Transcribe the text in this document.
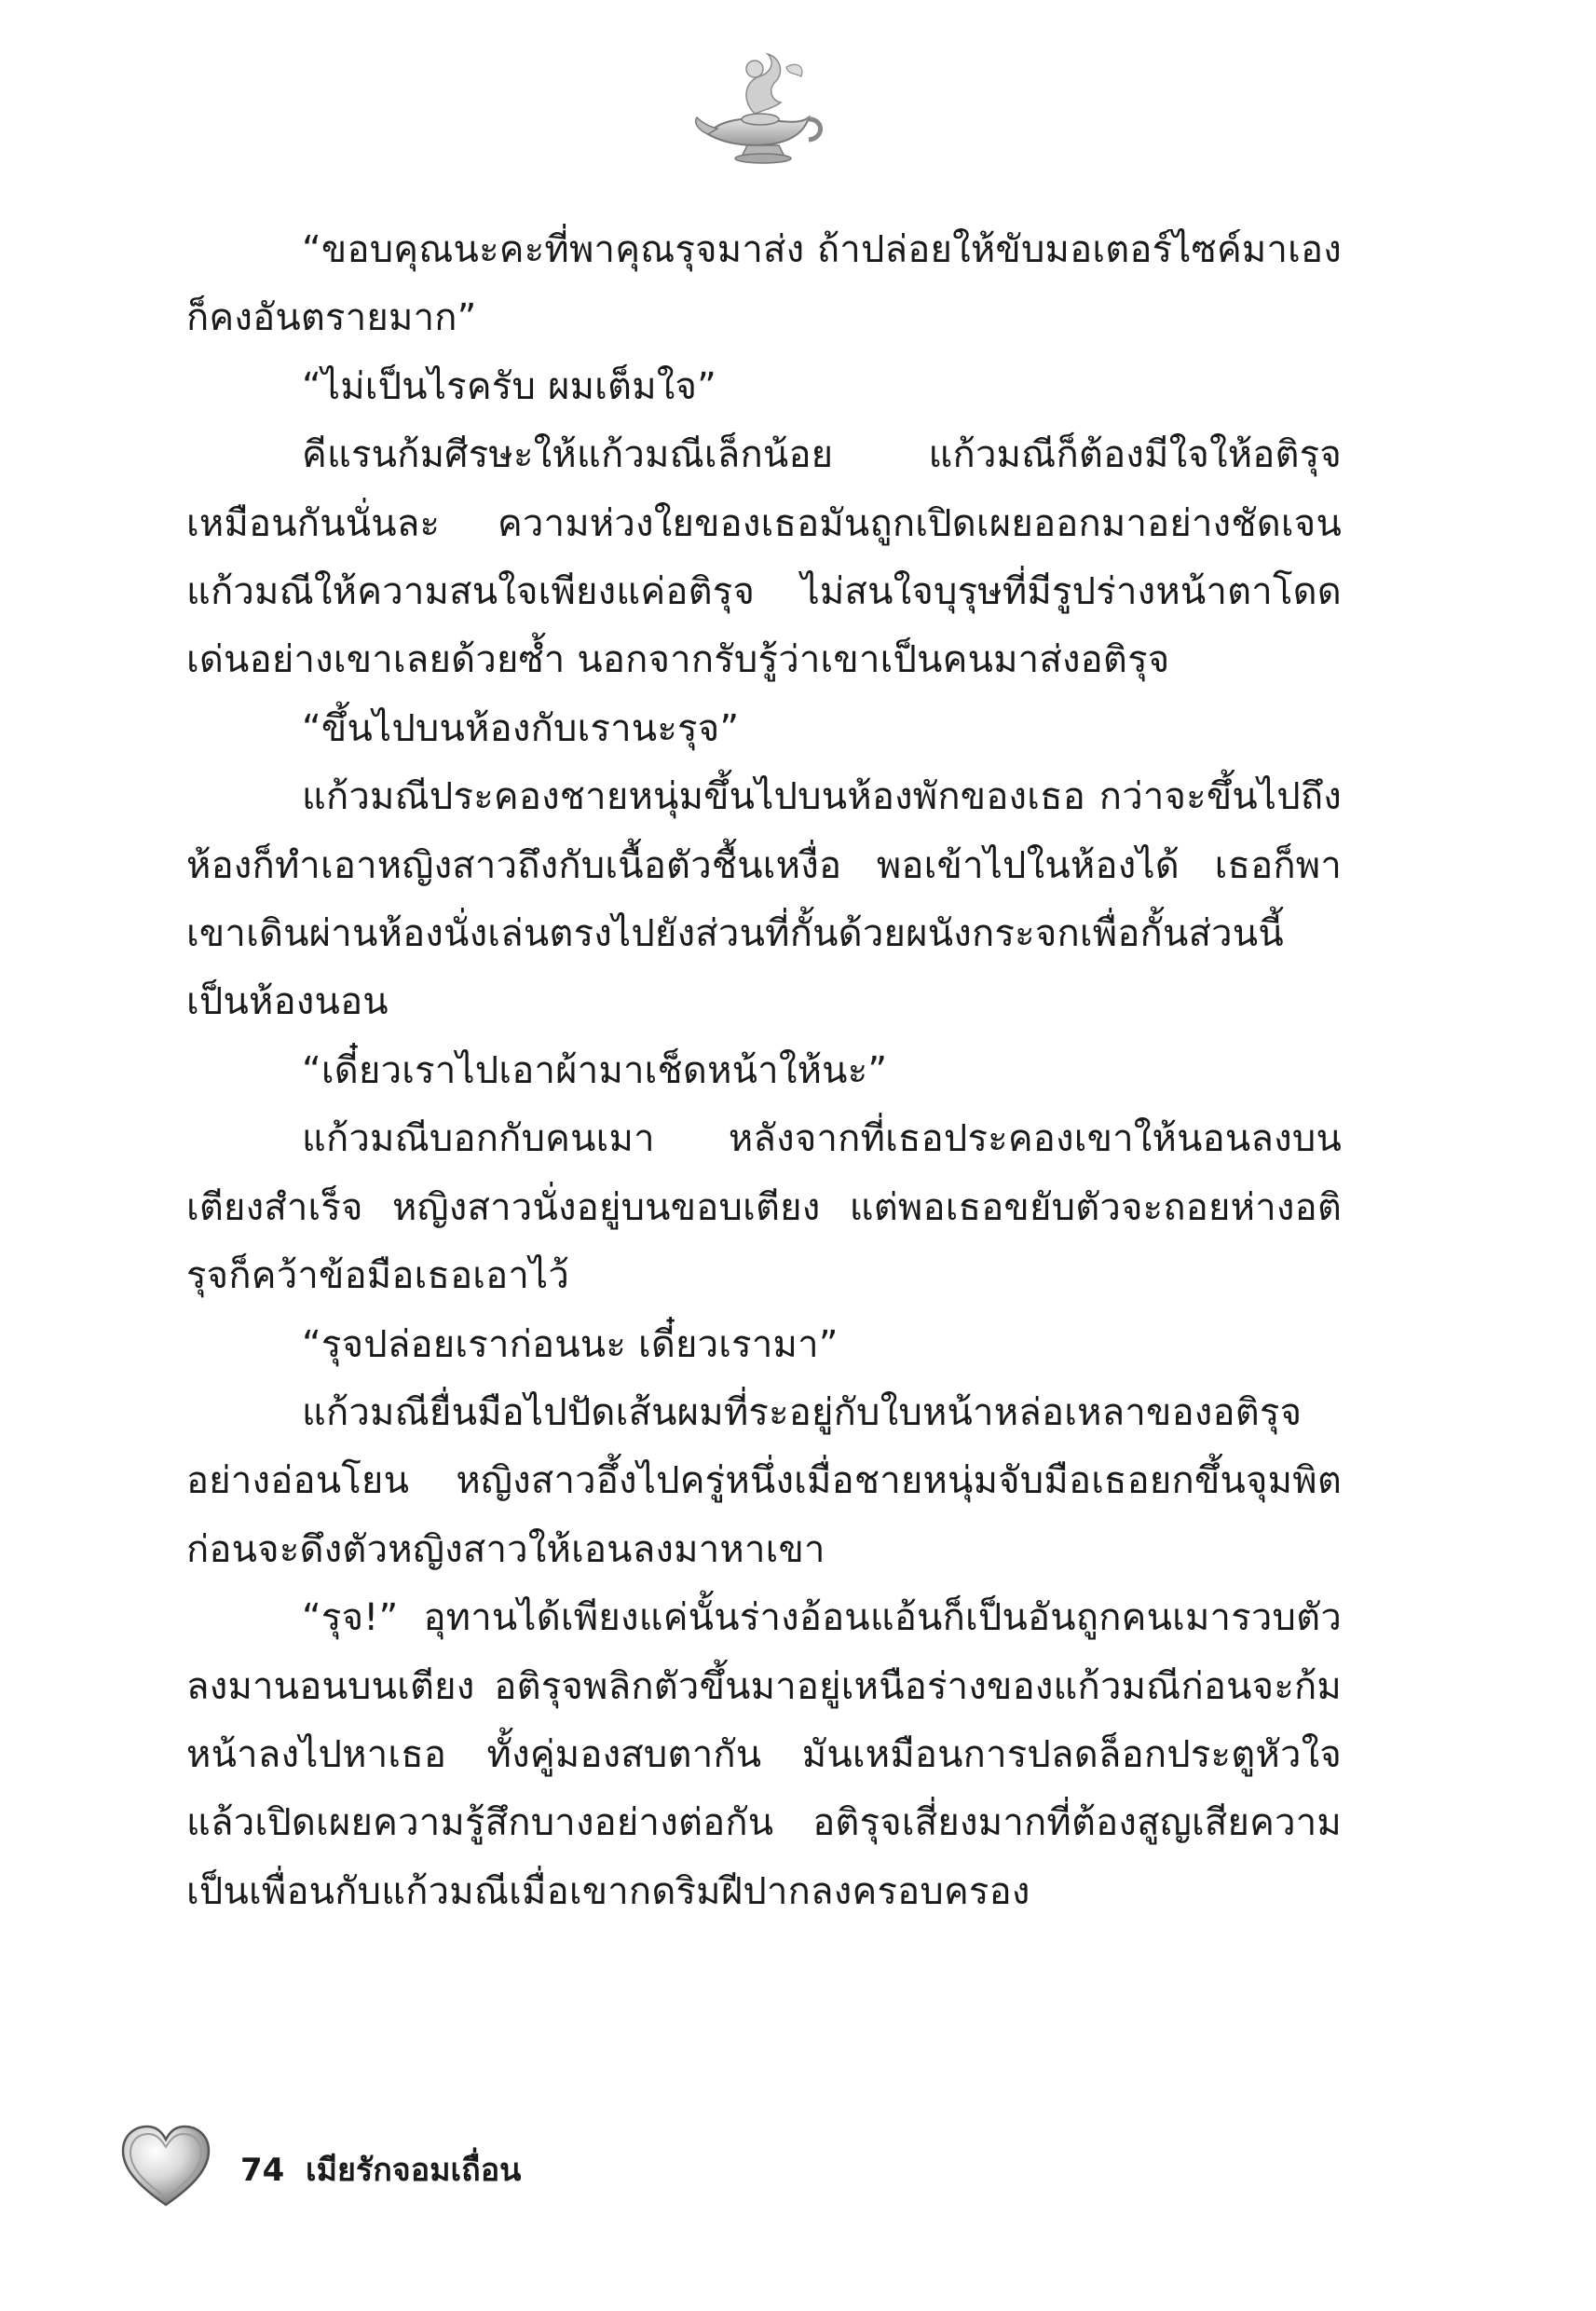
“ขอบคุณนะคะที่พาคุณรุจมาส่ง ถ้าปล่อยให้ขับมอเตอร์ไซค์มาเองก็คงอันตรายมาก”

“ไม่เป็นไรครับ ผมเต็มใจ”

คีแรนก้มศีรษะให้แก้วมณีเล็กน้อย แก้วมณีก็ต้องมีใจให้อติรุจเหมือนกันนั่นละ ความห่วงใยของเธอมันถูกเปิดเผยออกมาอย่างชัดเจน แก้วมณีให้ความสนใจเพียงแค่อติรุจ ไม่สนใจบุรุษที่มีรูปร่างหน้าตาโดดเด่นอย่างเขาเลยด้วยซ้ำ นอกจากรับรู้ว่าเขาเป็นคนมาส่งอติรุจ

“ขึ้นไปบนห้องกับเรานะรุจ”

แก้วมณีประคองชายหนุ่มขึ้นไปบนห้องพักของเธอ กว่าจะขึ้นไปถึงห้องก็ทำเอาหญิงสาวถึงกับเนื้อตัวชื้นเหงื่อ พอเข้าไปในห้องได้ เธอก็พาเขาเดินผ่านห้องนั่งเล่นตรงไปยังส่วนที่กั้นด้วยผนังกระจกเพื่อกั้นส่วนนี้เป็นห้องนอน

“เดี๋ยวเราไปเอาผ้ามาเช็ดหน้าให้นะ”

แก้วมณีบอกกับคนเมา หลังจากที่เธอประคองเขาให้นอนลงบนเตียงสำเร็จ หญิงสาวนั่งอยู่บนขอบเตียง แต่พอเธอขยับตัวจะถอยห่างอติรุจก็คว้าข้อมือเธอเอาไว้

“รุจปล่อยเราก่อนนะ เดี๋ยวเรามา”

แก้วมณียื่นมือไปปัดเส้นผมที่ระอยู่กับใบหน้าหล่อเหลาของอติรุจอย่างอ่อนโยน หญิงสาวอึ้งไปครู่หนึ่งเมื่อชายหนุ่มจับมือเธอยกขึ้นจุมพิตก่อนจะดึงตัวหญิงสาวให้เอนลงมาหาเขา

“รุจ!” อุทานได้เพียงแค่นั้นร่างอ้อนแอ้นก็เป็นอันถูกคนเมารวบตัวลงมานอนบนเตียง อติรุจพลิกตัวขึ้นมาอยู่เหนือร่างของแก้วมณีก่อนจะก้มหน้าลงไปหาเธอ ทั้งคู่มองสบตากัน มันเหมือนการปลดล็อกประตูหัวใจแล้วเปิดเผยความรู้สึกบางอย่างต่อกัน อติรุจเสี่ยงมากที่ต้องสูญเสียความเป็นเพื่อนกับแก้วมณีเมื่อเขากดริมฝีปากลงครอบครอง

74 เมียรักจอมเถื่อน
